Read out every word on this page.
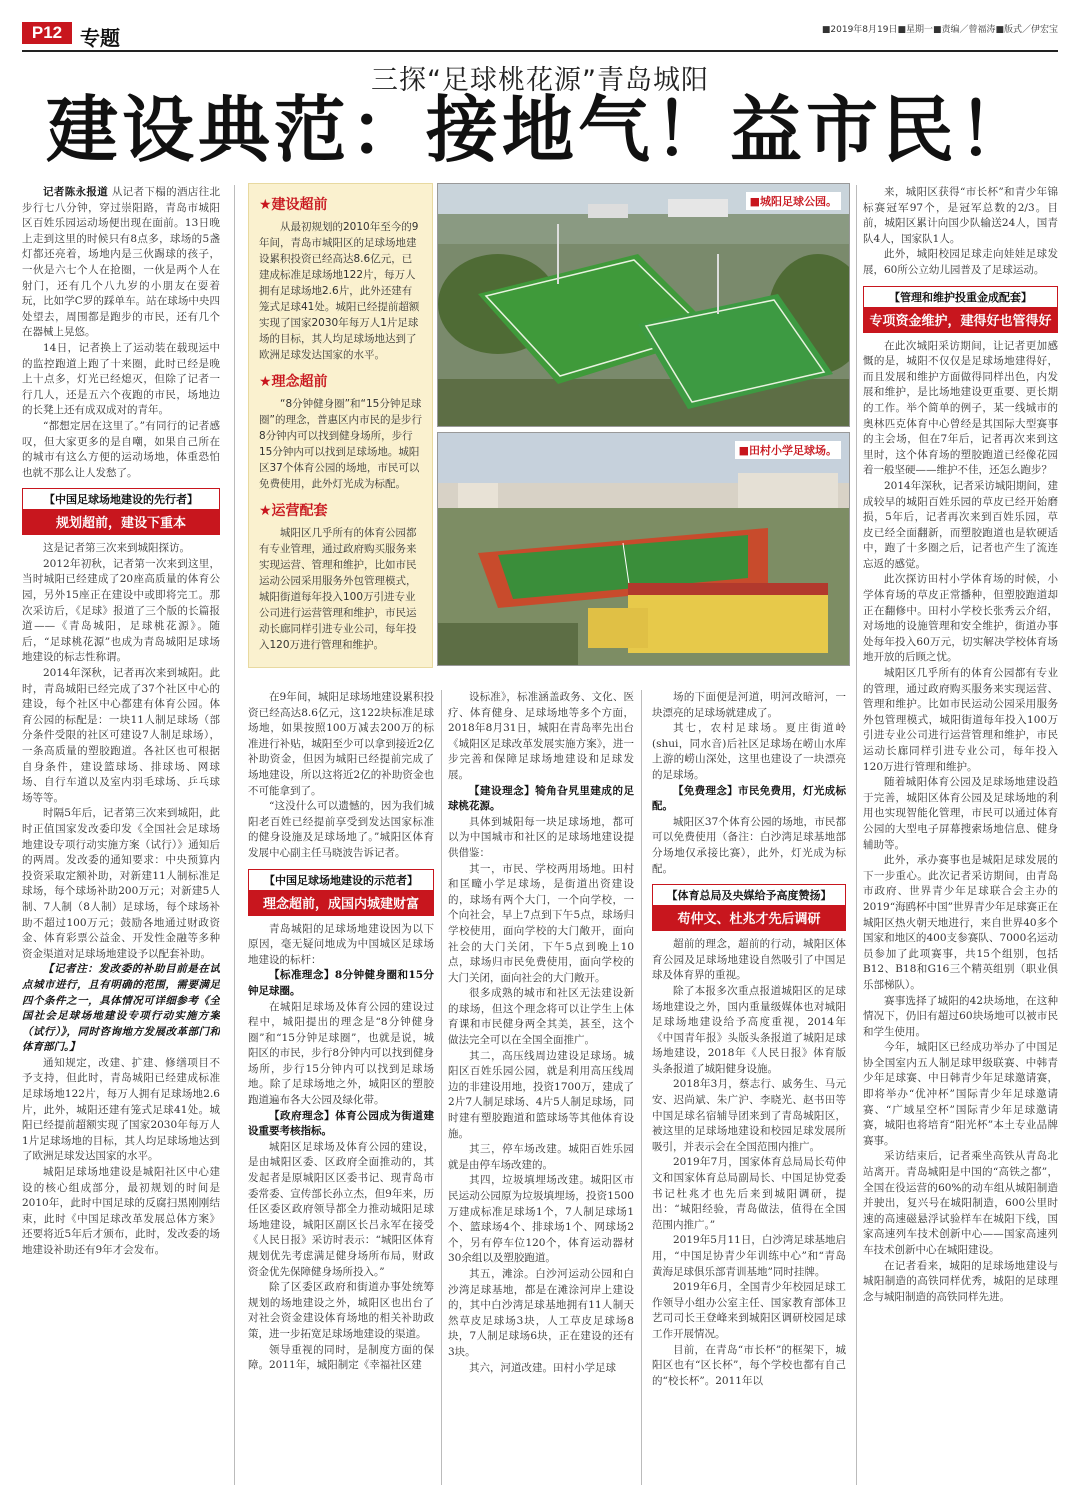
P12 专题	■2019年8月19日■星期一■责编／曾福涛■版式／伊宏宝
三探“足球桃花源”青岛城阳
建设典范：接地气！益市民！

记者陈永报道 从记者下榻的酒店往北步行七八分钟，穿过崇阳路，青岛市城阳区百姓乐园运动场便出现在面前。13日晚上走到这里的时候只有8点多，球场的5盏灯都还亮着，场地内是三伙踢球的孩子，一伙是六七个人在抢圈，一伙是两个人在射门，还有几个八九岁的小朋友在耍着玩，比如学C罗的踩单车。站在球场中央四处望去，周围都是跑步的市民，还有几个在器械上晃悠。

14日，记者换上了运动装在载现运中的监控跑道上跑了十来圈，此时已经是晚上十点多，灯光已经熄灭，但除了记者一行几人，还是五六个夜跑的市民，场地边的长凳上还有成双成对的青年。

“都想定居在这里了。”有同行的记者感叹，但大家更多的是自嘲，如果自己所在的城市有这么方便的运动场地，体重恐怕也就不那么让人发愁了。

【中国足球场地建设的先行者】
规划超前，建设下重本

这是记者第三次来到城阳探访。

2012年初秋，记者第一次来到这里，当时城阳已经建成了20座高质量的体育公园，另外15座正在建设中或即将完工。那次采访后，《足球》报道了三个版的长篇报道——《青岛城阳，足球桃花源》。随后，“足球桃花源”也成为青岛城阳足球场地建设的标志性称谓。

2014年深秋，记者再次来到城阳。此时，青岛城阳已经完成了37个社区中心的建设，每个社区中心都建有体育公园。体育公园的标配是：一块11人制足球场（部分条件受限的社区可建设7人制足球场），一条高质量的塑胶跑道。各社区也可根据自身条件，建设篮球场、排球场、网球场、自行车道以及室内羽毛球场、乒乓球场等等。

时隔5年后，记者第三次来到城阳，此时正值国家发改委印发《全国社会足球场地建设专项行动实施方案（试行）》通知后的两周。发改委的通知要求：中央预算内投资采取定额补助，对新建11人制标准足球场，每个球场补助200万元；对新建5人制、7人制（8人制）足球场，每个球场补助不超过100万元；鼓励各地通过财政资金、体育彩票公益金、开发性金融等多种资金渠道对足球场地建设予以配套补助。

【记者注：发改委的补助目前是在试点城市进行，且有明确的范围，需要满足四个条件之一，具体情况可详细参考《全国社会足球场地建设专项行动实施方案（试行）》，同时咨询地方发展改革部门和体育部门。】

通知规定，改建、扩建、修缮项目不予支持，但此时，青岛城阳已经建成标准足球场地122片，每万人拥有足球场地2.6片，此外，城阳还建有笼式足球41处。城阳已经提前超额实现了国家2030年每万人1片足球场地的目标，其人均足球场地达到了欧洲足球发达国家的水平。

城阳足球场地建设是城阳社区中心建设的核心组成部分，最初规划的时间是2010年，此时中国足球的反腐扫黑刚刚结束，此时《中国足球改革发展总体方案》还要将近5年后才颁布，此时，发改委的场地建设补助还有9年才会发布。

★建设超前
从最初规划的2010年至今的9年间，青岛市城阳区的足球场地建设累积投资已经高达8.6亿元，已建成标准足球场地122片，每万人拥有足球场地2.6片，此外还建有笼式足球41处。城阳已经提前超额实现了国家2030年每万人1片足球场的目标，其人均足球场地达到了欧洲足球发达国家的水平。
★理念超前
“8分钟健身圈”和“15分钟足球圈”的理念，普惠区内市民的是步行8分钟内可以找到健身场所，步行15分钟内可以找到足球场地。城阳区37个体育公园的场地，市民可以免费使用，此外灯光成为标配。
★运营配套
城阳区几乎所有的体育公园都有专业管理，通过政府购买服务来实现运营、管理和维护，比如市民运动公园采用服务外包管理模式，城阳街道每年投入100万引进专业公司进行运营管理和维护，市民运动长廊同样引进专业公司，每年投入120万进行管理和维护。
■城阳足球公园。
■田村小学足球场。

在9年间，城阳足球场地建设累积投资已经高达8.6亿元，这122块标准足球场地，如果按照100万减去200万的标准进行补贴，城阳至少可以拿到接近2亿补助资金，但因为城阳已经提前完成了场地建设，所以这将近2亿的补助资金也不可能拿到了。

“这没什么可以遗憾的，因为我们城阳老百姓已经提前享受到发达国家标准的健身设施及足球场地了。”城阳区体育发展中心副主任马晓波告诉记者。

【中国足球场地建设的示范者】
理念超前，成国内城建财富

青岛城阳的足球场地建设因为以下原因，毫无疑问地成为中国城区足球场地建设的标杆：

【标准理念】8分钟健身圈和15分钟足球圈。

在城阳足球场及体育公园的建设过程中，城阳提出的理念是“8分钟健身圈”和“15分钟足球圈”，也就是说，城阳区的市民，步行8分钟内可以找到健身场所，步行15分钟内可以找到足球场地。除了足球场地之外，城阳区的塑胶跑道遍布各大公园及绿化带。

【政府理念】体育公园成为街道建设重要考核指标。

城阳区足球场及体育公园的建设，是由城阳区委、区政府全面推动的，其发起者是原城阳区区委书记、现青岛市委常委、宣传部长孙立杰，但9年来，历任区委区政府领导都全力推动城阳足球场地建设，城阳区副区长吕永军在接受《人民日报》采访时表示：“城阳区体育规划优先考虑满足健身场所布局，财政资金优先保障健身场所投入。”

除了区委区政府和街道办事处统筹规划的场地建设之外，城阳区也出台了对社会资金建设体育场地的相关补助政策，进一步拓宽足球场地建设的渠道。

领导重视的同时，是制度方面的保障。2011年，城阳制定《幸福社区建

设标准》，标准涵盖政务、文化、医疗、体育健身、足球场地等多个方面，2018年8月31日，城阳在青岛率先出台《城阳区足球改革发展实施方案》，进一步完善和保障足球场地建设和足球发展。

【建设理念】犄角旮旯里建成的足球桃花源。

具体到城阳每一块足球场地，都可以为中国城市和社区的足球场地建设提供借鉴：

其一，市民、学校两用场地。田村和匡疃小学足球场，是街道出资建设的，球场有两个大门，一个向学校，一个向社会，早上7点到下午5点，球场归学校使用，面向学校的大门敞开，面向社会的大门关闭，下午5点到晚上10点，球场归市民免费使用，面向学校的大门关闭，面向社会的大门敞开。

很多成熟的城市和社区无法建设新的球场，但这个理念将可以让学生上体育课和市民健身两全其美，甚至，这个做法完全可以在全国全面推广。

其二，高压线周边建设足球场。城阳区百姓乐园公园，就是利用高压线周边的非建设用地，投资1700万，建成了2片7人制足球场、4片5人制足球场，同时建有塑胶跑道和篮球场等其他体育设施。

其三，停车场改建。城阳百姓乐园就是由停车场改建的。

其四，垃圾填埋场改建。城阳区市民运动公园原为垃圾填埋场，投资1500万建成标准足球场1个，7人制足球场1个、篮球场4个、排球场1个、网球场2个，另有停车位120个，体育运动器材30余组以及塑胶跑道。

其五，滩涂。白沙河运动公园和白沙湾足球基地，都是在滩涂河岸上建设的，其中白沙湾足球基地拥有11人制天然草皮足球场3块，人工草皮足球场8块，7人制足球场6块，正在建设的还有3块。

其六，河道改建。田村小学足球

场的下面便是河道，明河改暗河，一块漂亮的足球场就建成了。

其七，农村足球场。夏庄街道岭(shui，同水音)后社区足球场在崂山水库上游的崂山深处，这里也建设了一块漂亮的足球场。

【免费理念】市民免费用，灯光成标配。

城阳区37个体育公园的场地，市民都可以免费使用（备注：白沙湾足球基地部分场地仅承接比赛），此外，灯光成为标配。

【体育总局及央媒给予高度赞扬】
苟仲文、杜兆才先后调研

超前的理念，超前的行动，城阳区体育公园及足球场地建设自然吸引了中国足球及体育界的重视。

除了本报多次重点报道城阳区的足球场地建设之外，国内重量级媒体也对城阳足球场地建设给予高度重视，2014年《中国青年报》头版头条报道了城阳足球场地建设，2018年《人民日报》体育版头条报道了城阳健身设施。

2018年3月，蔡志行、戚务生、马元安、迟尚斌、朱广沪、李晓光、赵书田等中国足球名宿辅导团来到了青岛城阳区，被这里的足球场地建设和校园足球发展所吸引，并表示会在全国范围内推广。

2019年7月，国家体育总局局长苟仲文和国家体育总局副局长、中国足协党委书记杜兆才也先后来到城阳调研，提出：“城阳经验，青岛做法，值得在全国范围内推广。”

2019年5月11日，白沙湾足球基地启用，“中国足协青少年训练中心”和“青岛黄海足球俱乐部青训基地”同时挂牌。

2019年6月，全国青少年校园足球工作领导小组办公室主任、国家教育部体卫艺司司长王登峰来到城阳区调研校园足球工作开展情况。

目前，在青岛“市长杯”的框架下，城阳区也有“区长杯”，每个学校也都有自己的“校长杯”。2011年以

来，城阳区获得“市长杯”和青少年锦标赛冠军97个，是冠军总数的2/3。目前，城阳区累计向国少队输送24人，国青队4人，国家队1人。

此外，城阳校园足球走向娃娃足球发展，60所公立幼儿园普及了足球运动。

【管理和维护投重金成配套】
专项资金维护，建得好也管得好

在此次城阳采访期间，让记者更加感慨的是，城阳不仅仅是足球场地建得好，而且发展和维护方面做得同样出色，内发展和维护，是比场地建设更重要、更长期的工作。举个简单的例子，某一线城市的奥林匹克体育中心曾经是其国际大型赛事的主会场，但在7年后，记者再次来到这里时，这个体育场的塑胶跑道已经像花园着一般坚硬——维护不佳，还怎么跑步？

2014年深秋，记者采访城阳期间，建成较早的城阳百姓乐园的草皮已经开始磨损，5年后，记者再次来到百姓乐园，草皮已经全面翻新，而塑胶跑道也是软硬适中，跑了十多圈之后，记者也产生了流连忘返的感觉。

此次探访田村小学体育场的时候，小学体育场的草皮正常播种，但塑胶跑道却正在翻修中。田村小学校长张秀云介绍，对场地的设施管理和安全维护，街道办事处每年投入60万元，切实解决学校体育场地开放的后顾之忧。

城阳区几乎所有的体育公园都有专业的管理，通过政府购买服务来实现运营、管理和维护。比如市民运动公园采用服务外包管理模式，城阳街道每年投入100万引进专业公司进行运营管理和维护，市民运动长廊同样引进专业公司，每年投入120万进行管理和维护。

随着城阳体育公园及足球场地建设趋于完善，城阳区体育公园及足球场地的利用也实现智能化管理，市民可以通过体育公园的大型电子屏幕搜索场地信息、健身辅助等。

此外，承办赛事也是城阳足球发展的下一步重心。此次记者采访期间，由青岛市政府、世界青少年足球联合会主办的2019“海鸥杯中国”世界青少年足球赛正在城阳区热火朝天地进行，来自世界40多个国家和地区的400支参赛队、7000名运动员参加了此项赛事，共15个组别，包括B12、B18和G16三个精英组别（职业俱乐部梯队）。

赛事选择了城阳的42块场地，在这种情况下，仍旧有超过60块场地可以被市民和学生使用。

今年，城阳区已经成功举办了中国足协全国室内五人制足球甲级联赛、中韩青少年足球赛、中日韩青少年足球邀请赛，即将举办“优冲杯”国际青少年足球邀请赛、“广域星空杯”国际青少年足球邀请赛，城阳也将培育“阳光杯”本土专业品牌赛事。

采访结束后，记者乘坐高铁从青岛北站离开。青岛城阳是中国的“高铁之都”，全国在役运营的60%的动车组从城阳制造并驶出，复兴号在城阳制造，600公里时速的高速磁悬浮试验样车在城阳下线，国家高速列车技术创新中心——国家高速列车技术创新中心在城阳建设。

在记者看来，城阳的足球场地建设与城阳制造的高铁同样优秀，城阳的足球理念与城阳制造的高铁同样先进。
